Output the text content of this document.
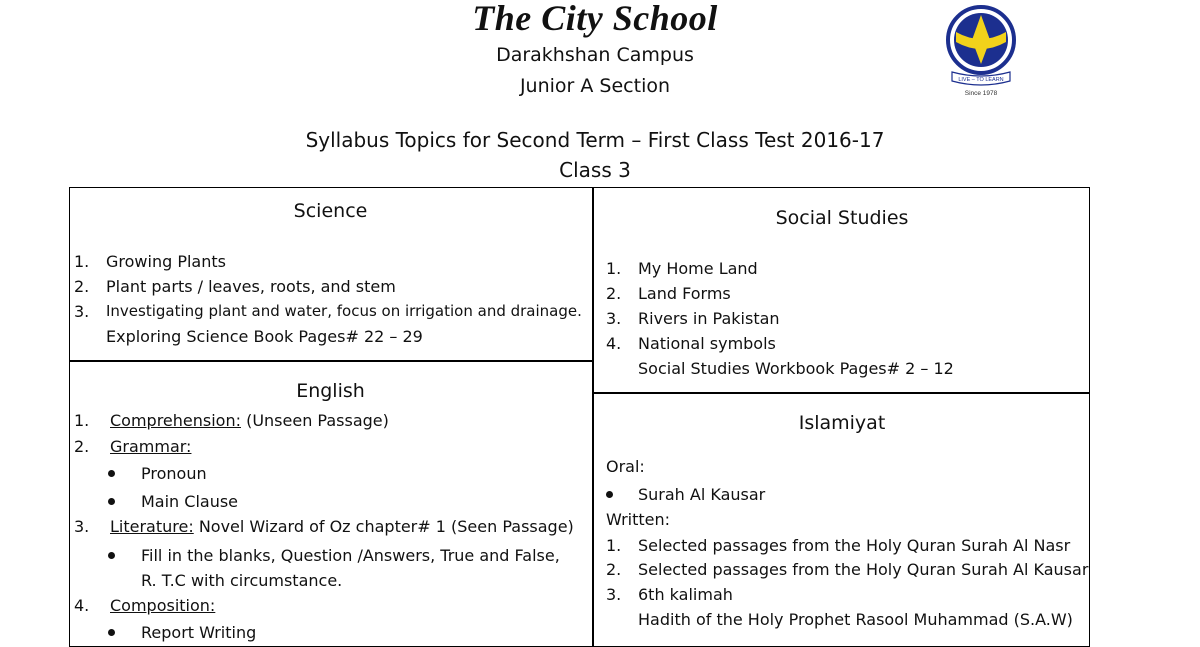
The City School
Darakhshan Campus
Junior A Section
Syllabus Topics for Second Term – First Class Test 2016-17
Class 3
LIVE – TO LEARN
Since 1978
Science
1. Growing Plants
2. Plant parts / leaves, roots, and stem
3. Investigating plant and water, focus on irrigation and drainage.
Exploring Science Book Pages# 22 – 29
English
1. Comprehension: (Unseen Passage)
2. Grammar:
Pronoun
Main Clause
3. Literature: Novel Wizard of Oz chapter# 1 (Seen Passage)
Fill in the blanks, Question /Answers, True and False,
R. T.C with circumstance.
4. Composition:
Report Writing
Social Studies
1. My Home Land
2. Land Forms
3. Rivers in Pakistan
4. National symbols
Social Studies Workbook Pages# 2 – 12
Islamiyat
Oral:
Surah Al Kausar
Written:
1. Selected passages from the Holy Quran Surah Al Nasr
2. Selected passages from the Holy Quran Surah Al Kausar
3. 6th kalimah
Hadith of the Holy Prophet Rasool Muhammad (S.A.W)
